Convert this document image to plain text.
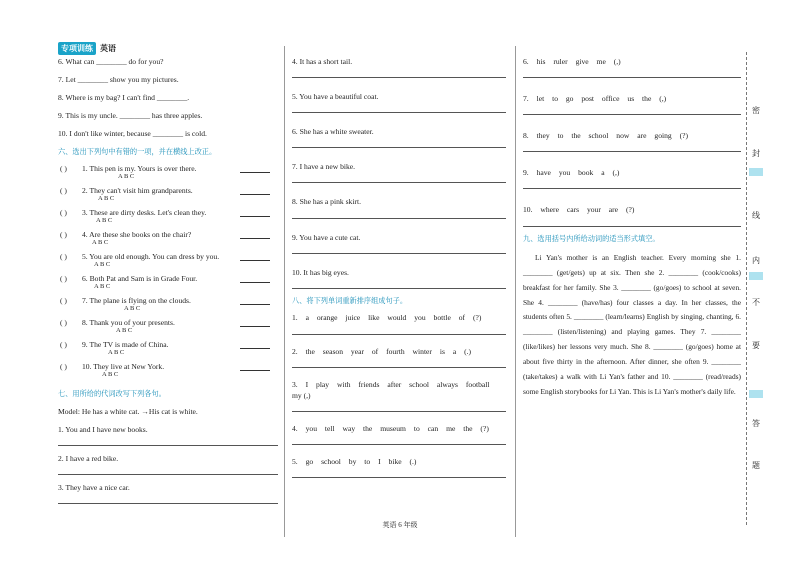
专项训练 英语
6. What can ________ do for you?
7. Let ________ show you my pictures.
8. Where is my bag? I can't find ________.
9. This is my uncle. ________ has three apples.
10. I don't like winter, because ________ is cold.
六、选出下列句中有错的一项，并在横线上改正。
( ) 1. This pen is my. Yours is over there.
A B C
( ) 2. They can't visit him grandparents.
A B C
( ) 3. These are dirty desks. Let's clean they.
A B C
( ) 4. Are these she books on the chair?
A B C
( ) 5. You are old enough. You can dress by you.
A B C
( ) 6. Both Pat and Sam is in Grade Four.
A B C
( ) 7. The plane is flying on the clouds.
A B C
( ) 8. Thank you of your presents.
A B C
( ) 9. The TV is made of China.
A B C
( ) 10. They live at New York.
A B C
七、用所给的代词改写下列各句。
Model: He has a white cat. →His cat is white.
1. You and I have new books.
2. I have a red bike.
3. They have a nice car.
4. It has a short tail.
5. You have a beautiful coat.
6. She has a white sweater.
7. I have a new bike.
8. She has a pink skirt.
9. You have a cute cat.
10. It has big eyes.
八、将下列单词重新排序组成句子。
1. a orange juice like would you bottle of (?)
2. the season year of fourth winter is a (.)
3. I play with friends after school always football
my (,)
4. you tell way the museum to can me the (?)
5. go school by to I bike (.)
6. his ruler give me (,)
7. let to go post office us the (,)
8. they to the school now are going (?)
9. have you book a (,)
10. where cars your are (?)
九、选用括号内所给动词的适当形式填空。
Li Yan's mother is an English teacher. Every morning she 1. ________ (get/gets) up at six. Then she 2. ________ (cook/cooks) breakfast for her family. She 3. ________ (go/goes) to school at seven. She 4. ________ (have/has) four classes a day. In her classes, the students often 5. ________ (learn/learns) English by singing, chanting, 6. ________ (listen/listening) and playing games. They 7. ________ (like/likes) her lessons very much. She 8. ________ (go/goes) home at about five thirty in the afternoon. After dinner, she often 9. ________ (take/takes) a walk with Li Yan's father and 10. ________ (read/reads) some English storybooks for Li Yan. This is Li Yan's mother's daily life.
密
封
线
内
不
要
答
题
英语 6 年级
